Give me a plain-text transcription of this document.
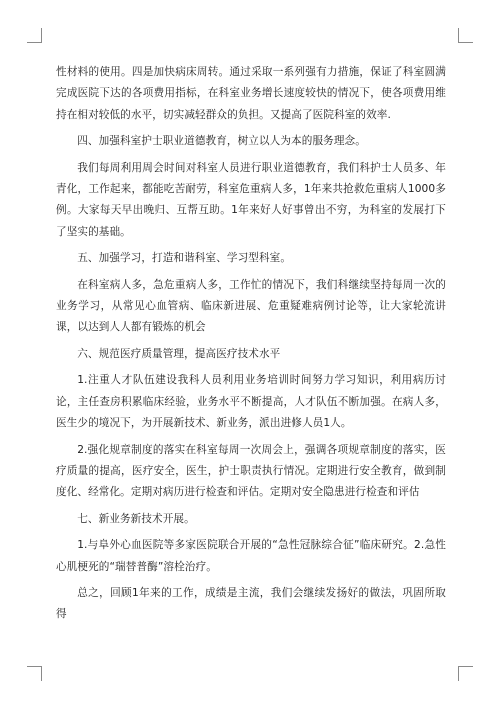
性材料的使用。四是加快病床周转。通过采取一系列强有力措施，保证了科室圆满完成医院下达的各项费用指标，在科室业务增长速度较快的情况下，使各项费用维持在相对较低的水平，切实减轻群众的负担。又提高了医院科室的效率.

四、加强科室护士职业道德教育，树立以人为本的服务理念。

我们每周利用周会时间对科室人员进行职业道德教育，我们科护士人员多、年青化，工作起来，都能吃苦耐劳，科室危重病人多，1年来共抢救危重病人1000多例。大家每天早出晚归、互帮互助。1年来好人好事曾出不穷，为科室的发展打下了坚实的基础。

五、加强学习，打造和谐科室、学习型科室。

在科室病人多，急危重病人多，工作忙的情况下，我们科继续坚持每周一次的业务学习，从常见心血管病、临床新进展、危重疑难病例讨论等，让大家轮流讲课，以达到人人都有锻炼的机会

六、规范医疗质量管理，提高医疗技术水平

1.注重人才队伍建设我科人员利用业务培训时间努力学习知识，利用病历讨论，主任查房积累临床经验，业务水平不断提高，人才队伍不断加强。在病人多，医生少的境况下，为开展新技术、新业务，派出进修人员1人。

2.强化规章制度的落实在科室每周一次周会上，强调各项规章制度的落实，医疗质量的提高，医疗安全，医生，护士职责执行情况。定期进行安全教育，做到制度化、经常化。定期对病历进行检查和评估。定期对安全隐患进行检查和评估

七、新业务新技术开展。

1.与阜外心血医院等多家医院联合开展的“急性冠脉综合征”临床研究。2.急性心肌梗死的“瑞替普酶”溶栓治疗。

总之，回顾1年来的工作，成绩是主流，我们会继续发扬好的做法，巩固所取得
